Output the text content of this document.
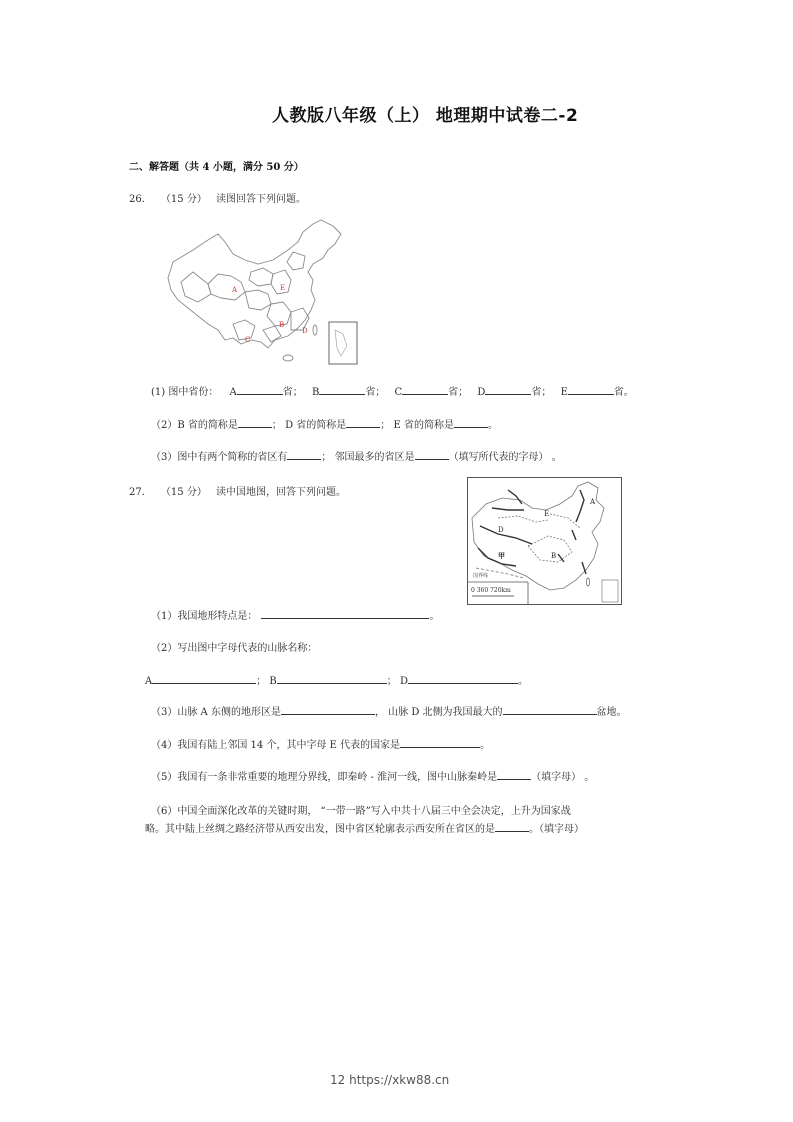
人教版八年级（上） 地理期中试卷二-2
二、解答题（共 4 小题，满分 50 分）
26． （15 分） 读图回答下列问题。
A	E
B
D
C
(1) 图中省份： A	省； B	省； C	省； D	省； E	省。
（2）B 省的简称是	； D 省的简称是	； E 省的简称是	。
（3）图中有两个简称的省区有	； 邻国最多的省区是	（填写所代表的字母） 。
27． （15 分） 读中国地图，回答下列问题。
A
E
D
B
甲
国界线
0 360 720km
（1）我国地形特点是：	。
（2）写出图中字母代表的山脉名称：
A	； B	； D	。
（3）山脉 A 东侧的地形区是	， 山脉 D 北侧为我国最大的	盆地。
（4）我国有陆上邻国 14 个，其中字母 E 代表的国家是	。
（5）我国有一条非常重要的地理分界线，即秦岭 - 淮河一线，图中山脉秦岭是	（填字母） 。
（6）中国全面深化改革的关键时期， “一带一路”写入中共十八届三中全会决定，上升为国家战
略。其中陆上丝绸之路经济带从西安出发，图中省区轮廓表示西安所在省区的是	。（填字母）
12 https://xkw88.cn
